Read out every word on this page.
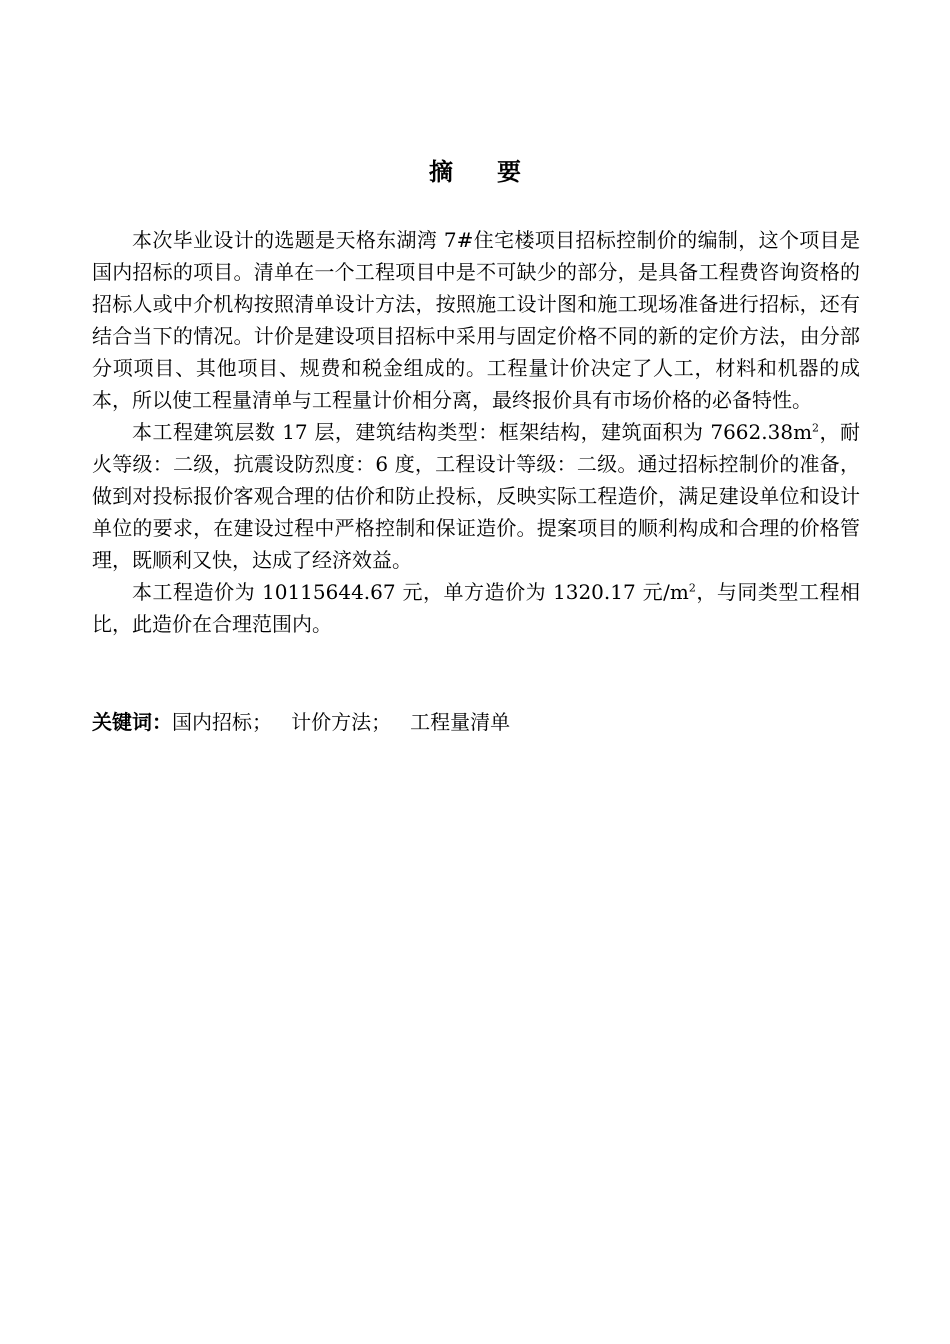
摘要

本次毕业设计的选题是天格东湖湾 7#住宅楼项目招标控制价的编制，这个项目是国内招标的项目。清单在一个工程项目中是不可缺少的部分，是具备工程费咨询资格的招标人或中介机构按照清单设计方法，按照施工设计图和施工现场准备进行招标，还有结合当下的情况。计价是建设项目招标中采用与固定价格不同的新的定价方法，由分部分项项目、其他项目、规费和税金组成的。工程量计价决定了人工，材料和机器的成本，所以使工程量清单与工程量计价相分离，最终报价具有市场价格的必备特性。

本工程建筑层数 17 层，建筑结构类型：框架结构，建筑面积为 $7662.38m^2$，耐火等级：二级，抗震设防烈度：6 度，工程设计等级：二级。通过招标控制价的准备，做到对投标报价客观合理的估价和防止投标，反映实际工程造价，满足建设单位和设计单位的要求，在建设过程中严格控制和保证造价。提案项目的顺利构成和合理的价格管理，既顺利又快，达成了经济效益。

本工程造价为 10115644.67 元，单方造价为 1320.17 元$/m^2$，与同类型工程相比，此造价在合理范围内。

关键词：国内招标； 计价方法； 工程量清单
